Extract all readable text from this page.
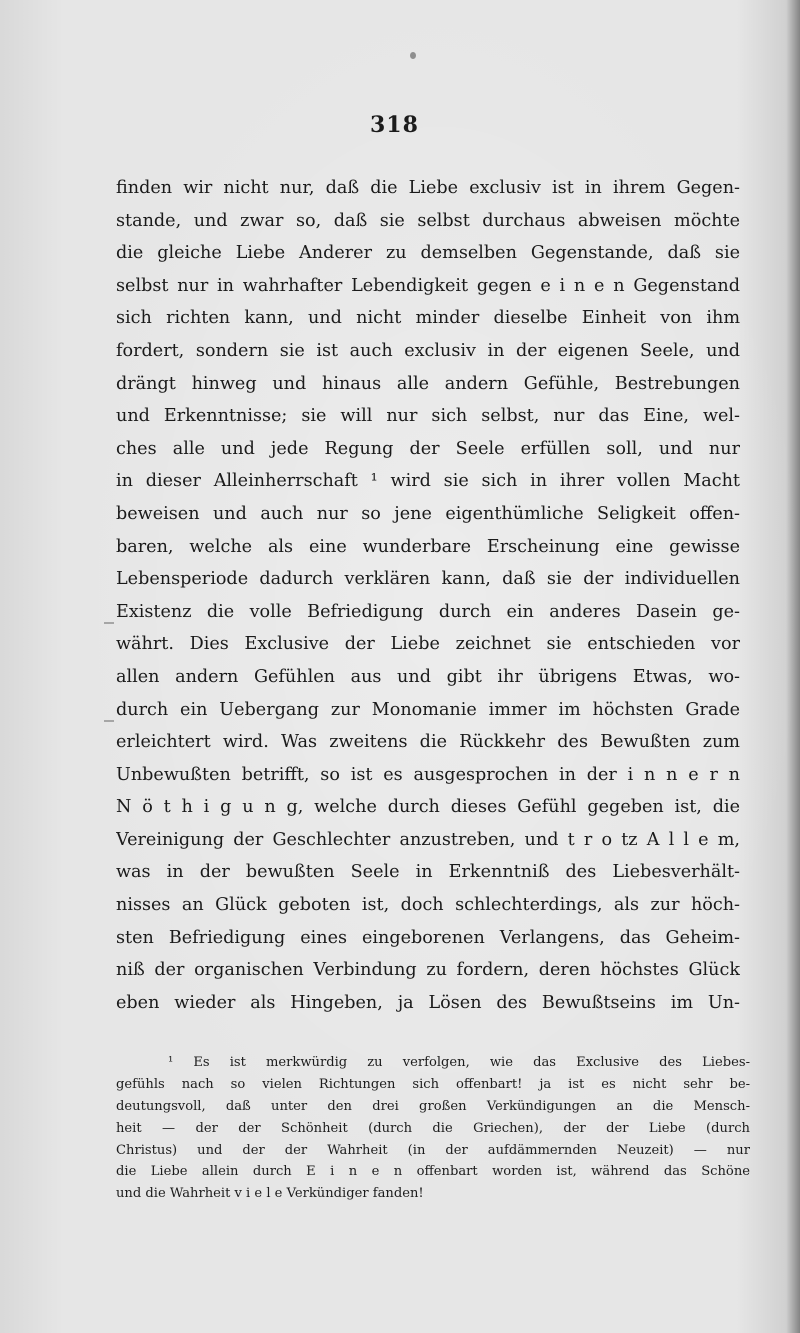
318
finden wir nicht nur, daß die Liebe exclusiv ist in ihrem Gegen-
stande, und zwar so, daß sie selbst durchaus abweisen möchte
die gleiche Liebe Anderer zu demselben Gegenstande, daß sie
selbst nur in wahrhafter Lebendigkeit gegen e i n e n Gegenstand
sich richten kann, und nicht minder dieselbe Einheit von ihm
fordert, sondern sie ist auch exclusiv in der eigenen Seele, und
drängt hinweg und hinaus alle andern Gefühle, Bestrebungen
und Erkenntnisse; sie will nur sich selbst, nur das Eine, wel-
ches alle und jede Regung der Seele erfüllen soll, und nur
in dieser Alleinherrschaft ¹ wird sie sich in ihrer vollen Macht
beweisen und auch nur so jene eigenthümliche Seligkeit offen-
baren, welche als eine wunderbare Erscheinung eine gewisse
Lebensperiode dadurch verklären kann, daß sie der individuellen
Existenz die volle Befriedigung durch ein anderes Dasein ge-
währt. Dies Exclusive der Liebe zeichnet sie entschieden vor
allen andern Gefühlen aus und gibt ihr übrigens Etwas, wo-
durch ein Uebergang zur Monomanie immer im höchsten Grade
erleichtert wird. Was zweitens die Rückkehr des Bewußten zum
Unbewußten betrifft, so ist es ausgesprochen in der i n n e r n
N ö t h i g u n g, welche durch dieses Gefühl gegeben ist, die
Vereinigung der Geschlechter anzustreben, und t r o tz A l l e m,
was in der bewußten Seele in Erkenntniß des Liebesverhält-
nisses an Glück geboten ist, doch schlechterdings, als zur höch-
sten Befriedigung eines eingeborenen Verlangens, das Geheim-
niß der organischen Verbindung zu fordern, deren höchstes Glück
eben wieder als Hingeben, ja Lösen des Bewußtseins im Un-
¹ Es ist merkwürdig zu verfolgen, wie das Exclusive des Liebes-
gefühls nach so vielen Richtungen sich offenbart! ja ist es nicht sehr be-
deutungsvoll, daß unter den drei großen Verkündigungen an die Mensch-
heit — der der Schönheit (durch die Griechen), der der Liebe (durch
Christus) und der der Wahrheit (in der aufdämmernden Neuzeit) — nur
die Liebe allein durch E i n e n offenbart worden ist, während das Schöne
und die Wahrheit v i e l e Verkündiger fanden!
